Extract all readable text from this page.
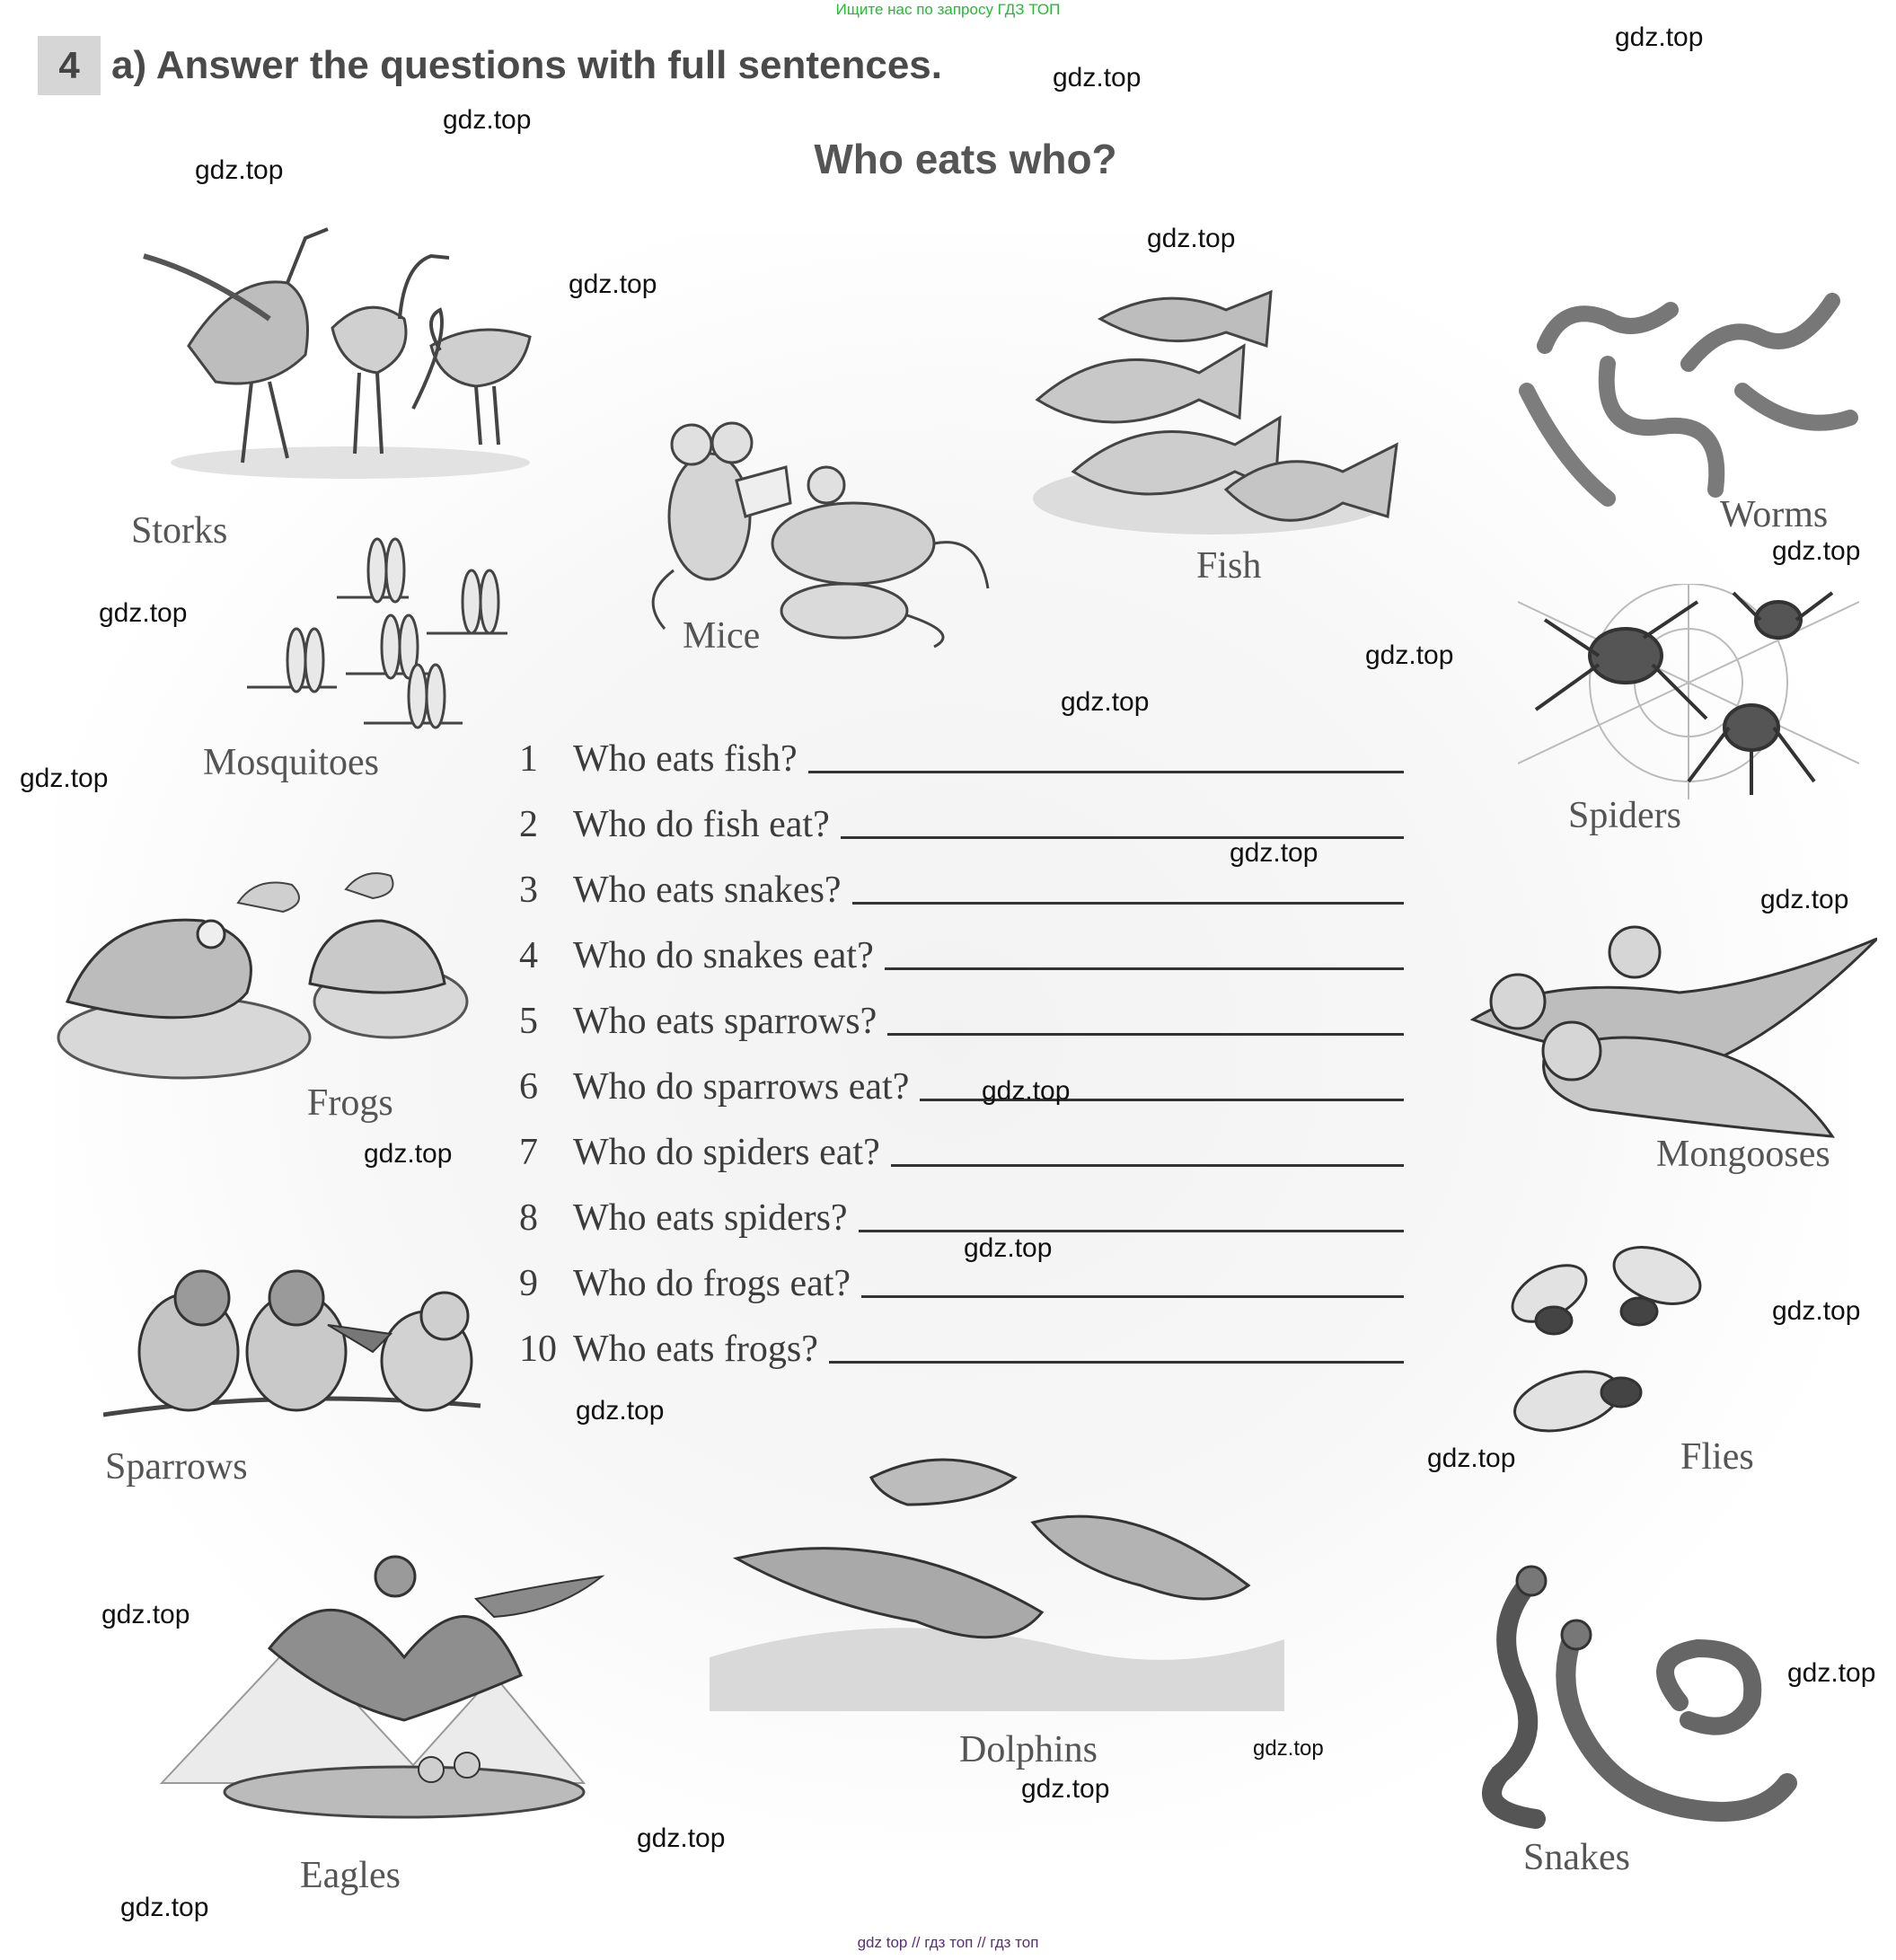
Ищите нас по запросу ГДЗ ТОП
4 a) Answer the questions with full sentences.
Who eats who?
Storks
Mice
Fish
Worms
Mosquitoes
Spiders
Frogs
Mongooses
Sparrows	Flies
Dolphins
Eagles	Snakes
1 Who eats fish?
2 Who do fish eat?
3 Who eats snakes?
4 Who do snakes eat?
5 Who eats sparrows?
6 Who do sparrows eat?
7 Who do spiders eat?
8 Who eats spiders?
9 Who do frogs eat?
10 Who eats frogs?
gdz.top
gdz.top
gdz.top
gdz.top
gdz.top
gdz.top
gdz.top
gdz.top
gdz.top
gdz.top
gdz.top
gdz.top
gdz.top
gdz.top
gdz.top
gdz.top
gdz.top
gdz.top
gdz.top
gdz.top
gdz.top
gdz.top
gdz.top
gdz.top
gdz.top
gdz top // гдз топ // гдз топ
